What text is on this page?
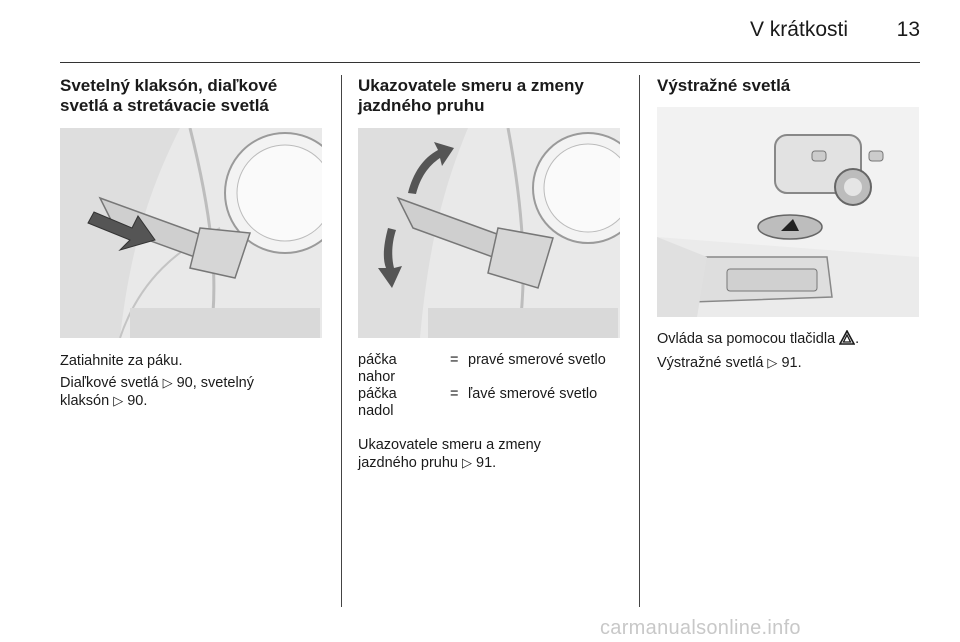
V krátkosti 13
Svetelný klaksón, diaľkové
svetlá a stretávacie svetlá
Zatiahnite za páku.
Diaľkové svetlá ▷ 90, svetelný
klaksón ▷ 90.
Ukazovatele smeru a zmeny
jazdného pruhu
páčka
nahor
= pravé smerové svetlo
páčka
nadol
= ľavé smerové svetlo
Ukazovatele smeru a zmeny
jazdného pruhu ▷ 91.
Výstražné svetlá
Ovláda sa pomocou tlačidla .
Výstražné svetlá ▷ 91.
carmanualsonline.info
